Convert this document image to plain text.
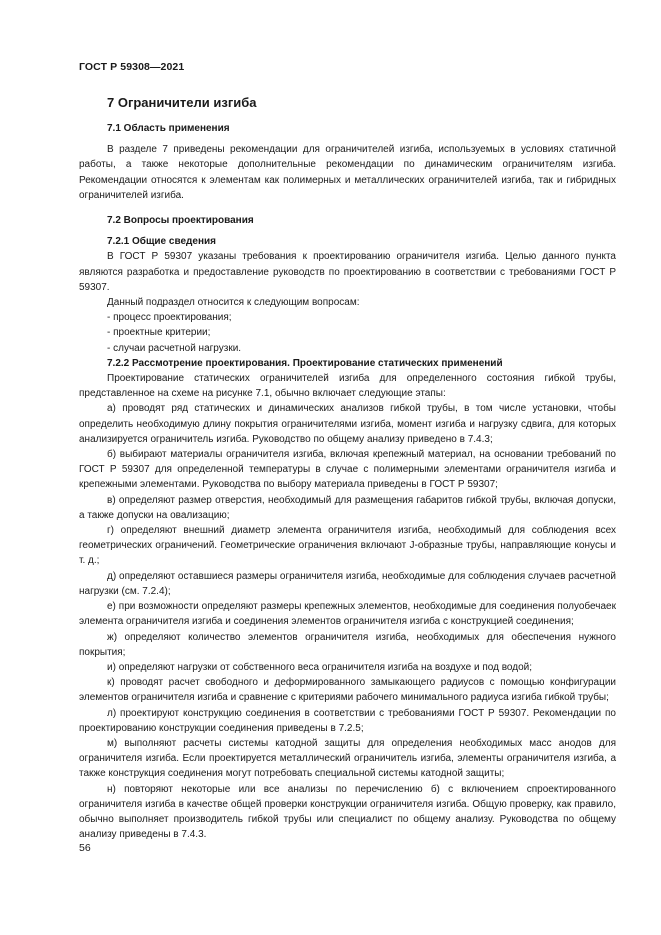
ГОСТ Р 59308—2021
7 Ограничители изгиба
7.1 Область применения

В разделе 7 приведены рекомендации для ограничителей изгиба, используемых в условиях статичной работы, а также некоторые дополнительные рекомендации по динамическим ограничителям изгиба. Рекомендации относятся к элементам как полимерных и металлических ограничителей изгиба, так и гибридных ограничителей изгиба.

7.2 Вопросы проектирования
7.2.1 Общие сведения

В ГОСТ Р 59307 указаны требования к проектированию ограничителя изгиба. Целью данного пункта являются разработка и предоставление руководств по проектированию в соответствии с требованиями ГОСТ Р 59307.

Данный подраздел относится к следующим вопросам:

- процесс проектирования;

- проектные критерии;

- случаи расчетной нагрузки.

7.2.2 Рассмотрение проектирования. Проектирование статических применений

Проектирование статических ограничителей изгиба для определенного состояния гибкой трубы, представленное на схеме на рисунке 7.1, обычно включает следующие этапы:

а) проводят ряд статических и динамических анализов гибкой трубы, в том числе установки, чтобы определить необходимую длину покрытия ограничителями изгиба, момент изгиба и нагрузку сдвига, для которых анализируется ограничитель изгиба. Руководство по общему анализу приведено в 7.4.3;

б) выбирают материалы ограничителя изгиба, включая крепежный материал, на основании требований по ГОСТ Р 59307 для определенной температуры в случае с полимерными элементами ограничителя изгиба и крепежными элементами. Руководства по выбору материала приведены в ГОСТ Р 59307;

в) определяют размер отверстия, необходимый для размещения габаритов гибкой трубы, включая допуски, а также допуски на овализацию;

г) определяют внешний диаметр элемента ограничителя изгиба, необходимый для соблюдения всех геометрических ограничений. Геометрические ограничения включают J-образные трубы, направляющие конусы и т. д.;

д) определяют оставшиеся размеры ограничителя изгиба, необходимые для соблюдения случаев расчетной нагрузки (см. 7.2.4);

е) при возможности определяют размеры крепежных элементов, необходимые для соединения полуобечаек элемента ограничителя изгиба и соединения элементов ограничителя изгиба с конструкцией соединения;

ж) определяют количество элементов ограничителя изгиба, необходимых для обеспечения нужного покрытия;

и) определяют нагрузки от собственного веса ограничителя изгиба на воздухе и под водой;

к) проводят расчет свободного и деформированного замыкающего радиусов с помощью конфигурации элементов ограничителя изгиба и сравнение с критериями рабочего минимального радиуса изгиба гибкой трубы;

л) проектируют конструкцию соединения в соответствии с требованиями ГОСТ Р 59307. Рекомендации по проектированию конструкции соединения приведены в 7.2.5;

м) выполняют расчеты системы катодной защиты для определения необходимых масс анодов для ограничителя изгиба. Если проектируется металлический ограничитель изгиба, элементы ограничителя изгиба, а также конструкция соединения могут потребовать специальной системы катодной защиты;

н) повторяют некоторые или все анализы по перечислению б) с включением спроектированного ограничителя изгиба в качестве общей проверки конструкции ограничителя изгиба. Общую проверку, как правило, обычно выполняет производитель гибкой трубы или специалист по общему анализу. Руководства по общему анализу приведены в 7.4.3.

56
